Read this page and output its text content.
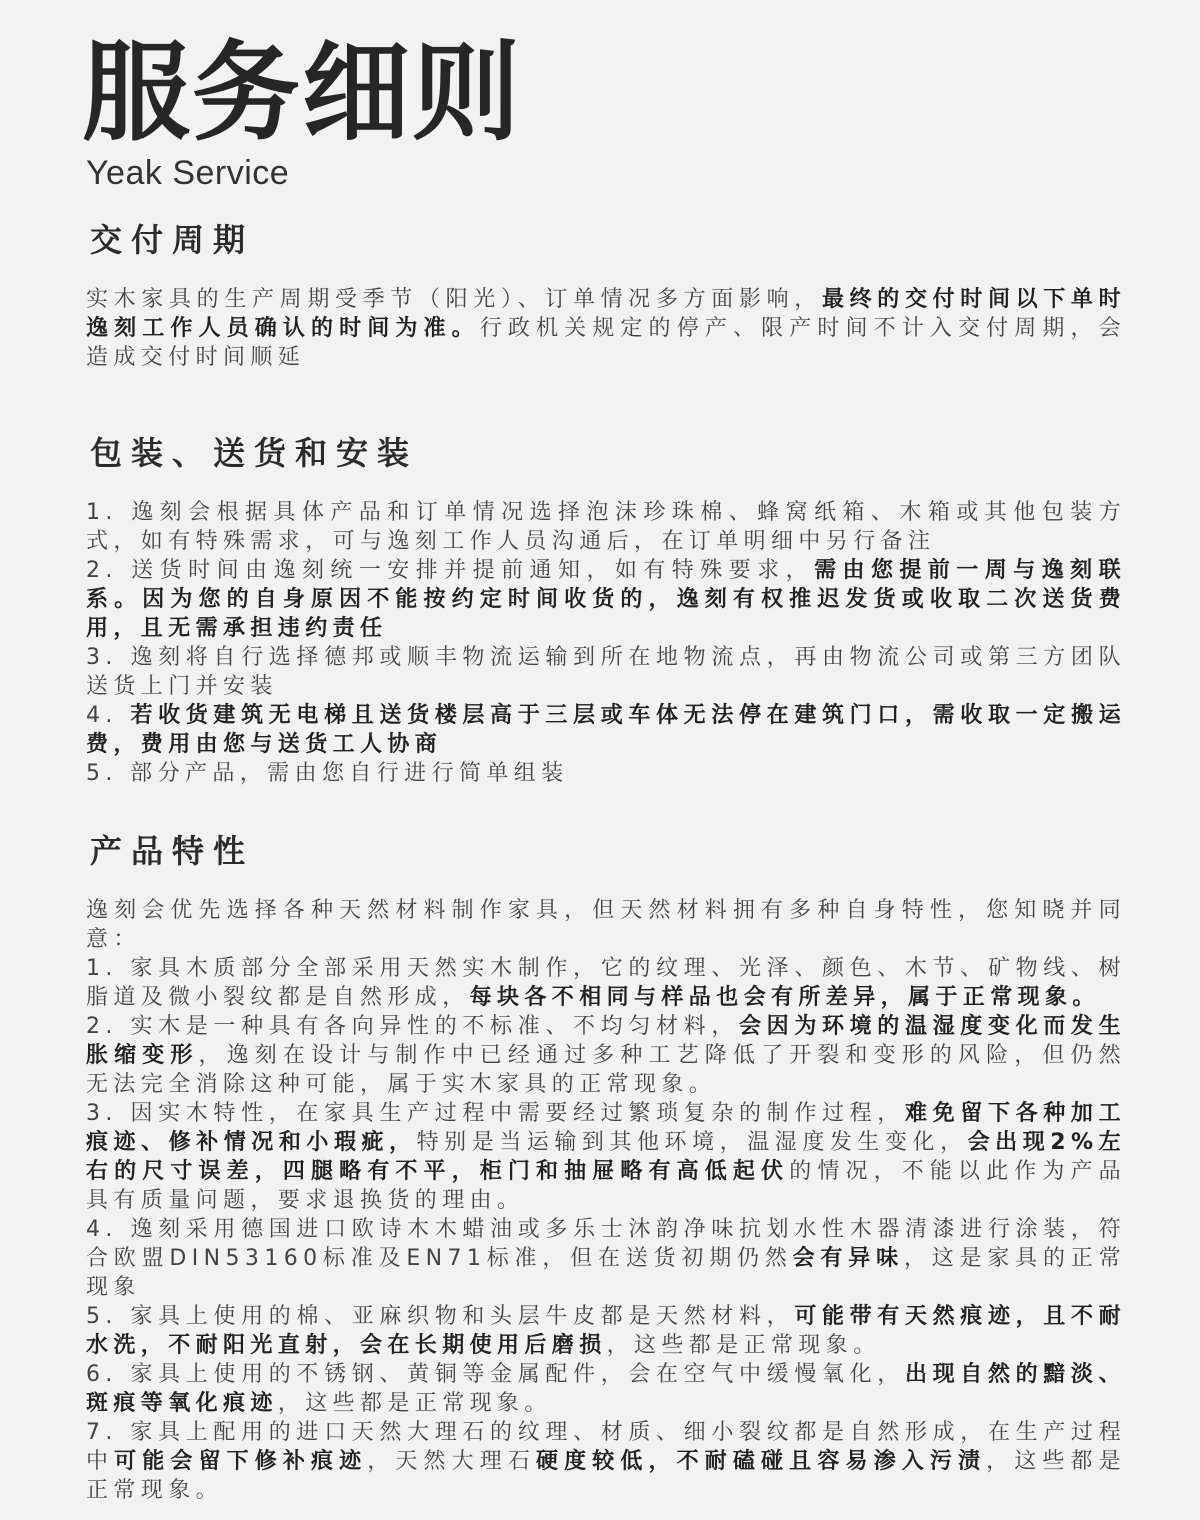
服务细则
Yeak Service
交付周期

实木家具的生产周期受季节（阳光）、订单情况多方面影响，最终的交付时间以下单时逸刻工作人员确认的时间为准。行政机关规定的停产、限产时间不计入交付周期，会造成交付时间顺延

包装、送货和安装

1. 逸刻会根据具体产品和订单情况选择泡沫珍珠棉、蜂窝纸箱、木箱或其他包装方式，如有特殊需求，可与逸刻工作人员沟通后，在订单明细中另行备注

2. 送货时间由逸刻统一安排并提前通知，如有特殊要求，需由您提前一周与逸刻联系。因为您的自身原因不能按约定时间收货的，逸刻有权推迟发货或收取二次送货费用，且无需承担违约责任

3. 逸刻将自行选择德邦或顺丰物流运输到所在地物流点，再由物流公司或第三方团队送货上门并安装

4. 若收货建筑无电梯且送货楼层高于三层或车体无法停在建筑门口，需收取一定搬运费，费用由您与送货工人协商

5. 部分产品，需由您自行进行简单组装

产品特性

逸刻会优先选择各种天然材料制作家具，但天然材料拥有多种自身特性，您知晓并同意：

1. 家具木质部分全部采用天然实木制作，它的纹理、光泽、颜色、木节、矿物线、树脂道及微小裂纹都是自然形成，每块各不相同与样品也会有所差异，属于正常现象。

2. 实木是一种具有各向异性的不标准、不均匀材料，会因为环境的温湿度变化而发生胀缩变形，逸刻在设计与制作中已经通过多种工艺降低了开裂和变形的风险，但仍然无法完全消除这种可能，属于实木家具的正常现象。

3. 因实木特性，在家具生产过程中需要经过繁琐复杂的制作过程，难免留下各种加工痕迹、修补情况和小瑕疵，特别是当运输到其他环境，温湿度发生变化，会出现2%左右的尺寸误差，四腿略有不平，柜门和抽屉略有高低起伏的情况，不能以此作为产品具有质量问题，要求退换货的理由。

4. 逸刻采用德国进口欧诗木木蜡油或多乐士沐韵净味抗划水性木器清漆进行涂装，符合欧盟DIN53160标准及EN71标准，但在送货初期仍然会有异味，这是家具的正常现象

5. 家具上使用的棉、亚麻织物和头层牛皮都是天然材料，可能带有天然痕迹，且不耐水洗，不耐阳光直射，会在长期使用后磨损，这些都是正常现象。

6. 家具上使用的不锈钢、黄铜等金属配件，会在空气中缓慢氧化，出现自然的黯淡、斑痕等氧化痕迹，这些都是正常现象。

7. 家具上配用的进口天然大理石的纹理、材质、细小裂纹都是自然形成，在生产过程中可能会留下修补痕迹，天然大理石硬度较低，不耐磕碰且容易渗入污渍，这些都是正常现象。
